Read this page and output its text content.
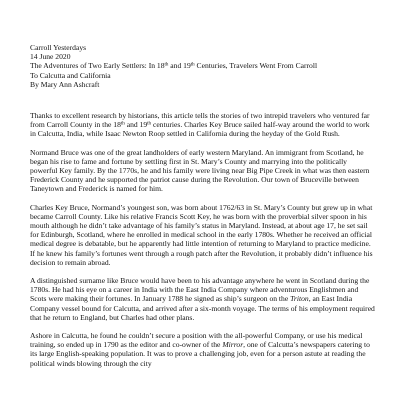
Carroll Yesterdays
14 June 2020
The Adventures of Two Early Settlers: In 18th and 19th Centuries, Travelers Went From Carroll
To Calcutta and California
By Mary Ann Ashcraft

Thanks to excellent research by historians, this article tells the stories of two intrepid travelers who ventured far from Carroll County in the 18th and 19th centuries. Charles Key Bruce sailed half-way around the world to work in Calcutta, India, while Isaac Newton Roop settled in California during the heyday of the Gold Rush.

Normand Bruce was one of the great landholders of early western Maryland. An immigrant from Scotland, he began his rise to fame and fortune by settling first in St. Mary’s County and marrying into the politically powerful Key family. By the 1770s, he and his family were living near Big Pipe Creek in what was then eastern Frederick County and he supported the patriot cause during the Revolution. Our town of Bruceville between Taneytown and Frederick is named for him.

Charles Key Bruce, Normand’s youngest son, was born about 1762/63 in St. Mary’s County but grew up in what became Carroll County. Like his relative Francis Scott Key, he was born with the proverbial silver spoon in his mouth although he didn’t take advantage of his family’s status in Maryland. Instead, at about age 17, he set sail for Edinburgh, Scotland, where he enrolled in medical school in the early 1780s. Whether he received an official medical degree is debatable, but he apparently had little intention of returning to Maryland to practice medicine. If he knew his family’s fortunes went through a rough patch after the Revolution, it probably didn’t influence his decision to remain abroad.

A distinguished surname like Bruce would have been to his advantage anywhere he went in Scotland during the 1780s. He had his eye on a career in India with the East India Company where adventurous Englishmen and Scots were making their fortunes. In January 1788 he signed as ship’s surgeon on the Triton, an East India Company vessel bound for Calcutta, and arrived after a six-month voyage. The terms of his employment required that he return to England, but Charles had other plans.

Ashore in Calcutta, he found he couldn’t secure a position with the all-powerful Company, or use his medical training, so ended up in 1790 as the editor and co-owner of the Mirror, one of Calcutta’s newspapers catering to its large English-speaking population. It was to prove a challenging job, even for a person astute at reading the political winds blowing through the city
